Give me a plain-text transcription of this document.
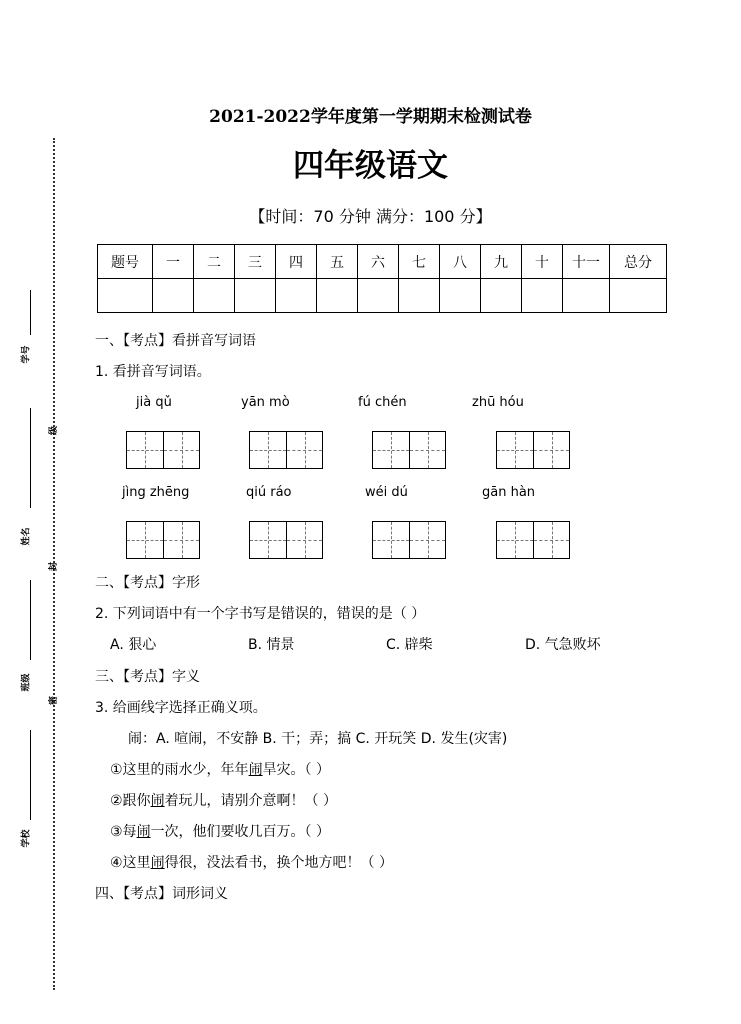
学号
级
姓名
封
班级
密
学校
2021-2022学年度第一学期期末检测试卷
四年级语文
【时间：70 分钟 满分：100 分】
题号	一	二	三	四	五	六	七	八	九	十	十一	总分

一、【考点】看拼音写词语
1. 看拼音写词语。
jià qǔ	yān mò	fú chén	zhū hóu
jìng zhēng	qiú ráo	wéi dú	gān hàn
二、【考点】字形
2. 下列词语中有一个字书写是错误的，错误的是（ ）
A. 狠心	B. 情景	C. 辟柴	D. 气急败坏
三、【考点】字义
3. 给画线字选择正确义项。
闹：A. 喧闹，不安静 B. 干；弄；搞 C. 开玩笑 D. 发生(灾害)
①这里的雨水少，年年闹旱灾。（ ）
②跟你闹着玩儿，请别介意啊！（ ）
③每闹一次，他们要收几百万。（ ）
④这里闹得很，没法看书，换个地方吧！（ ）
四、【考点】词形词义
